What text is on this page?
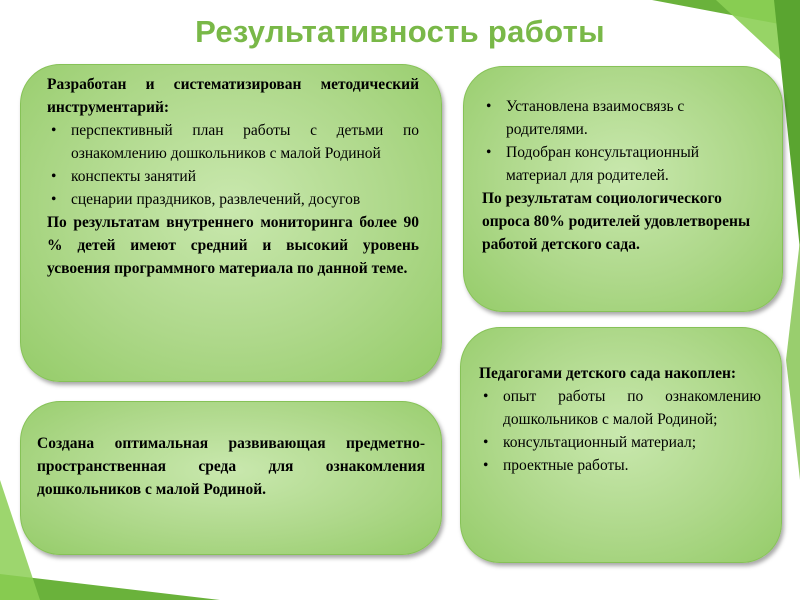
Результативность работы

Разработан и систематизирован методический инструментарий:

• перспективный план работы с детьми по ознакомлению дошкольников с малой Родиной
• конспекты занятий
• сценарии праздников, развлечений, досугов

По результатам внутреннего мониторинга более 90 % детей имеют средний и высокий уровень усвоения программного материала по данной теме.

Создана оптимальная развивающая предметно-пространственная среда для ознакомления дошкольников с малой Родиной.

• Установлена взаимосвязь с родителями.
• Подобран консультационный материал для родителей.

По результатам социологического опроса 80% родителей удовлетворены работой детского сада.

Педагогами детского сада накоплен:

• опыт работы по ознакомлению дошкольников с малой Родиной;
• консультационный материал;
• проектные работы.
